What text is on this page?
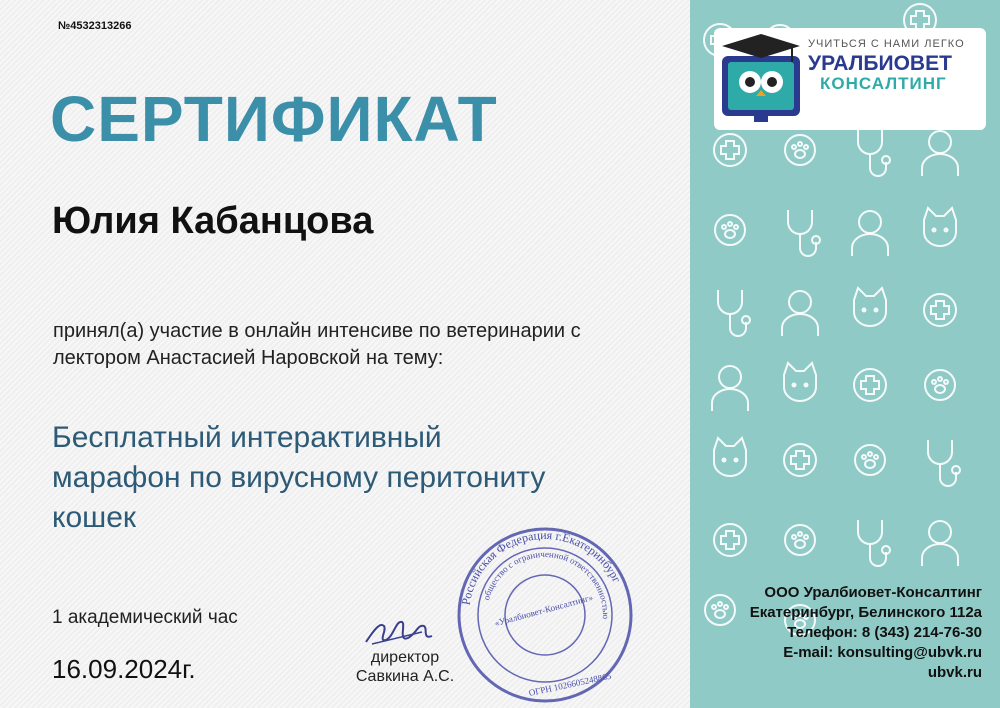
№4532313266
СЕРТИФИКАТ
Юлия Кабанцова
принял(а) участие в онлайн интенсиве по ветеринарии с
лектором Анастасией Наровской на тему:
Бесплатный интерактивный
марафон по вирусному перитониту
кошек
1 академический час
16.09.2024г.	директор
Савкина А.С.
Российская Федерация г.Екатеринбург
общество с ограниченной ответственностью
«Уралбиовет-Консалтинг»
ОГРН 1026605248865
УЧИТЬСЯ С НАМИ ЛЕГКО
УРАЛБИОВЕТ
КОНСАЛТИНГ
ООО Уралбиовет-Консалтинг
Екатеринбург, Белинского 112а
Телефон: 8 (343) 214-76-30
E-mail: konsulting@ubvk.ru
ubvk.ru
